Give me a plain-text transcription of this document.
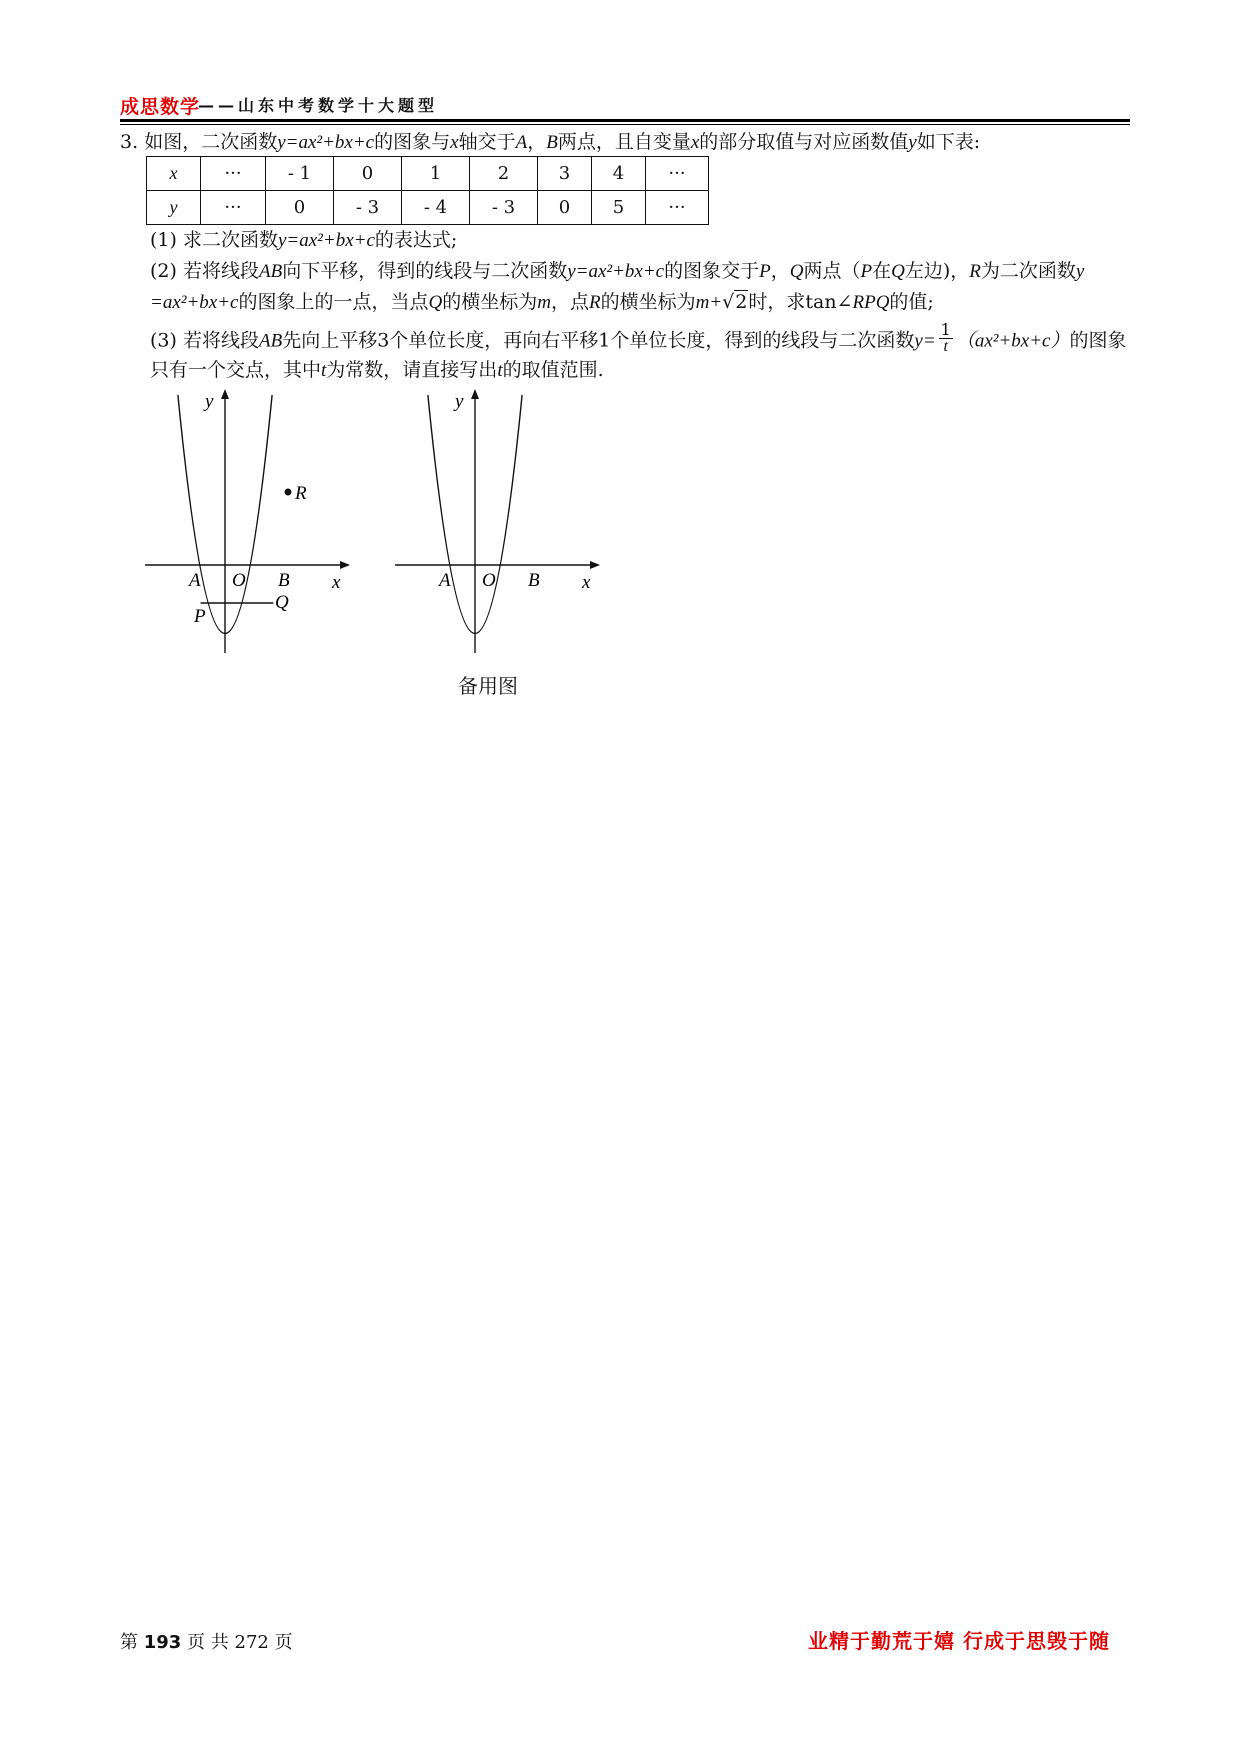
成思数学
——山东中考数学十大题型
3. 如图，二次函数y=ax²+bx+c的图象与x轴交于A，B两点，且自变量x的部分取值与对应函数值y如下表:
x	···	- 1	0	1	2	3	4	···
y	···	0	- 3	- 4	- 3	0	5	···
(1) 求二次函数y=ax²+bx+c的表达式;
(2) 若将线段AB向下平移，得到的线段与二次函数y=ax²+bx+c的图象交于P，Q两点（P在Q左边)，R为二次函数y
=ax²+bx+c的图象上的一点，当点Q的横坐标为m，点R的横坐标为m+√2时，求tan∠RPQ的值;
(3) 若将线段AB先向上平移3个单位长度，再向右平移1个单位长度，得到的线段与二次函数$y= \frac{1}{t} (ax^2+bx+c)$的图象
只有一个交点，其中t为常数，请直接写出t的取值范围.
x
y
A O B
P
Q
R
x
y
A O B
备用图
第 193 页 共 272 页	业精于勤荒于嬉 行成于思毁于随
